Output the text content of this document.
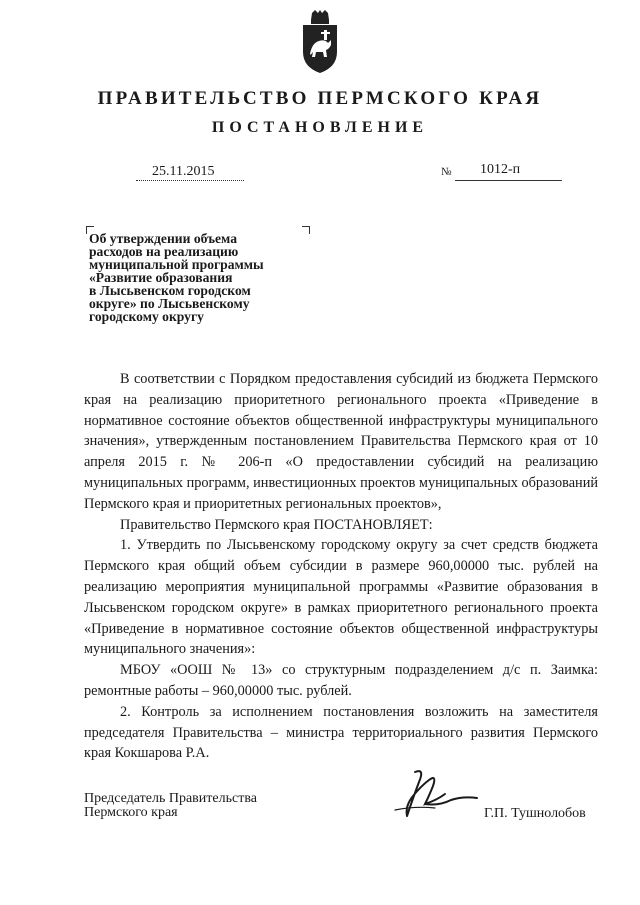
ПРАВИТЕЛЬСТВО ПЕРМСКОГО КРАЯ
ПОСТАНОВЛЕНИЕ
25.11.2015	№ 1012-п

Об утверждении объема
расходов на реализацию
муниципальной программы
«Развитие образования
в Лысьвенском городском
округе» по Лысьвенскому
городскому округу

В соответствии с Порядком предоставления субсидий из бюджета Пермского края на реализацию приоритетного регионального проекта «Приведение в нормативное состояние объектов общественной инфраструктуры муниципального значения», утвержденным постановлением Правительства Пермского края от 10 апреля 2015 г. № 206-п «О предоставлении субсидий на реализацию муниципальных программ, инвестиционных проектов муниципальных образований Пермского края и приоритетных региональных проектов»,

Правительство Пермского края ПОСТАНОВЛЯЕТ:

1. Утвердить по Лысьвенскому городскому округу за счет средств бюджета Пермского края общий объем субсидии в размере 960,00000 тыс. рублей на реализацию мероприятия муниципальной программы «Развитие образования в Лысьвенском городском округе» в рамках приоритетного регионального проекта «Приведение в нормативное состояние объектов общественной инфраструктуры муниципального значения»:

МБОУ «ООШ № 13» со структурным подразделением д/с п. Заимка: ремонтные работы – 960,00000 тыс. рублей.

2. Контроль за исполнением постановления возложить на заместителя председателя Правительства – министра территориального развития Пермского края Кокшарова Р.А.

Председатель Правительства
Пермского края	Г.П. Тушнолобов
